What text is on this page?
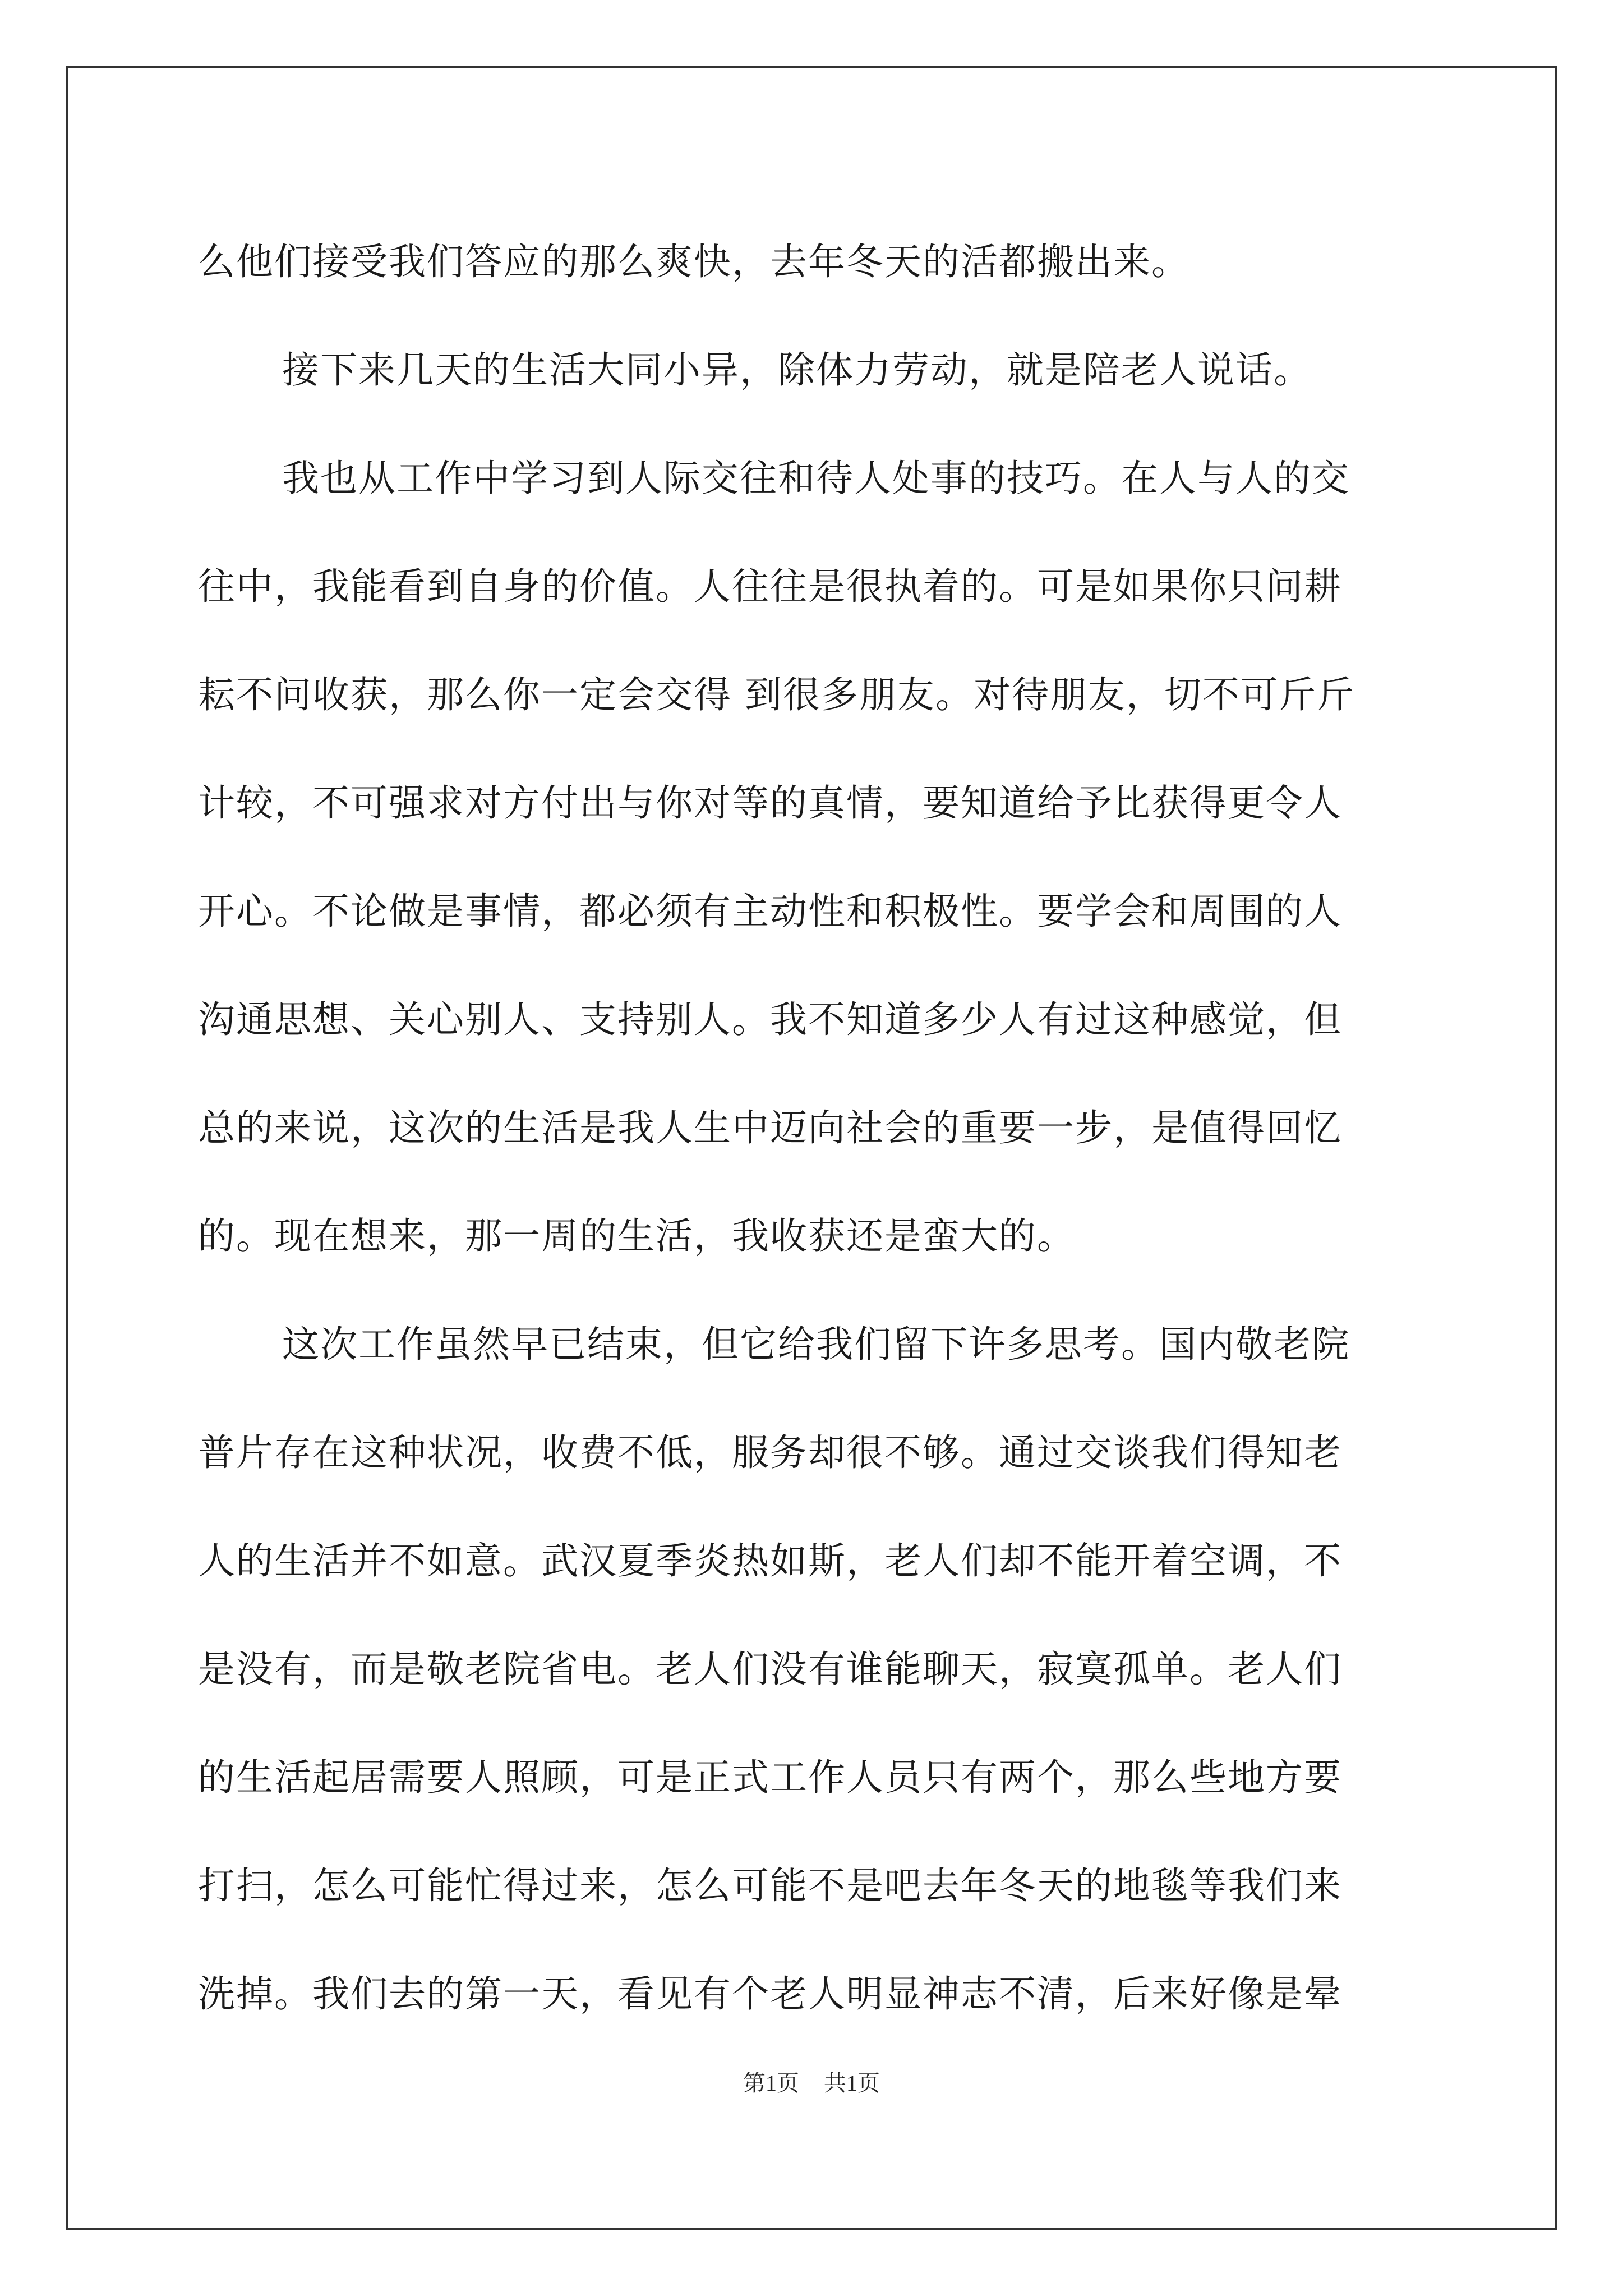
么他们接受我们答应的那么爽快，去年冬天的活都搬出来。
接下来几天的生活大同小异，除体力劳动，就是陪老人说话。
我也从工作中学习到人际交往和待人处事的技巧。在人与人的交
往中，我能看到自身的价值。人往往是很执着的。可是如果你只问耕
耘不问收获，那么你一定会交得 到很多朋友。对待朋友，切不可斤斤
计较，不可强求对方付出与你对等的真情，要知道给予比获得更令人
开心。不论做是事情，都必须有主动性和积极性。要学会和周围的人
沟通思想、关心别人、支持别人。我不知道多少人有过这种感觉，但
总的来说，这次的生活是我人生中迈向社会的重要一步，是值得回忆
的。现在想来，那一周的生活，我收获还是蛮大的。
这次工作虽然早已结束，但它给我们留下许多思考。国内敬老院
普片存在这种状况，收费不低，服务却很不够。通过交谈我们得知老
人的生活并不如意。武汉夏季炎热如斯，老人们却不能开着空调，不
是没有，而是敬老院省电。老人们没有谁能聊天，寂寞孤单。老人们
的生活起居需要人照顾，可是正式工作人员只有两个，那么些地方要
打扫，怎么可能忙得过来，怎么可能不是吧去年冬天的地毯等我们来
洗掉。我们去的第一天，看见有个老人明显神志不清，后来好像是晕
第1页 共1页
